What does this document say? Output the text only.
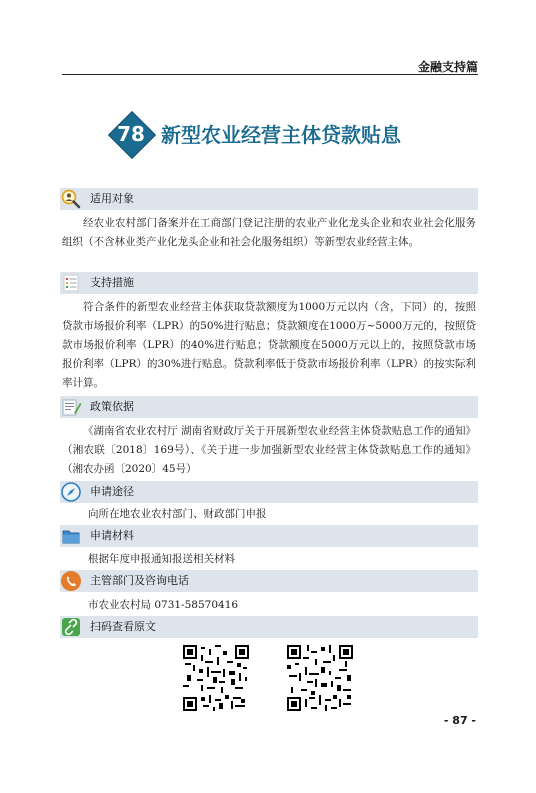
金融支持篇
78 新型农业经营主体贷款贴息
适用对象
经农业农村部门备案并在工商部门登记注册的农业产业化龙头企业和农业社会化服务组织（不含林业类产业化龙头企业和社会化服务组织）等新型农业经营主体。
支持措施
符合条件的新型农业经营主体获取贷款额度为1000万元以内（含，下同）的，按照贷款市场报价利率（LPR）的50%进行贴息；贷款额度在1000万~5000万元的，按照贷款市场报价利率（LPR）的40%进行贴息；贷款额度在5000万元以上的，按照贷款市场报价利率（LPR）的30%进行贴息。贷款利率低于贷款市场报价利率（LPR）的按实际利率计算。
政策依据
《湖南省农业农村厅 湖南省财政厅关于开展新型农业经营主体贷款贴息工作的通知》（湘农联〔2018〕169号）、《关于进一步加强新型农业经营主体贷款贴息工作的通知》（湘农办函〔2020〕45号）
申请途径
向所在地农业农村部门、财政部门申报
申请材料
根据年度申报通知报送相关材料
主管部门及咨询电话
市农业农村局 0731-58570416
扫码查看原文
- 87 -
